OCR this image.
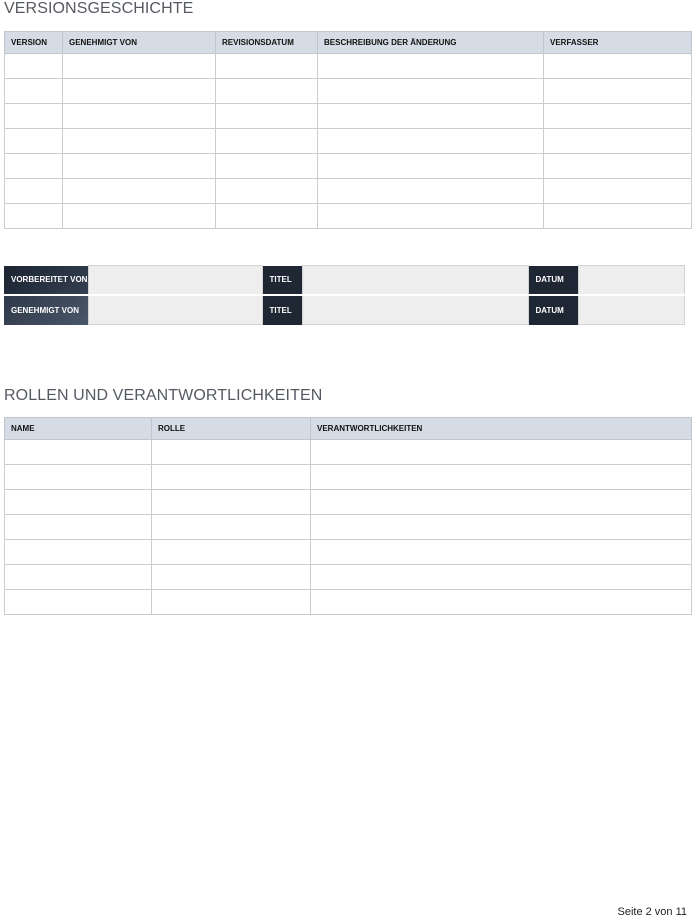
VERSIONSGESCHICHTE
VERSION	GENEHMIGT VON	REVISIONSDATUM	BESCHREIBUNG DER ÄNDERUNG	VERFASSER

VORBEREITET VON		TITEL		DATUM	
GENEHMIGT VON		TITEL		DATUM	
ROLLEN UND VERANTWORTLICHKEITEN
NAME	ROLLE	VERANTWORTLICHKEITEN

Seite 2 von 11
